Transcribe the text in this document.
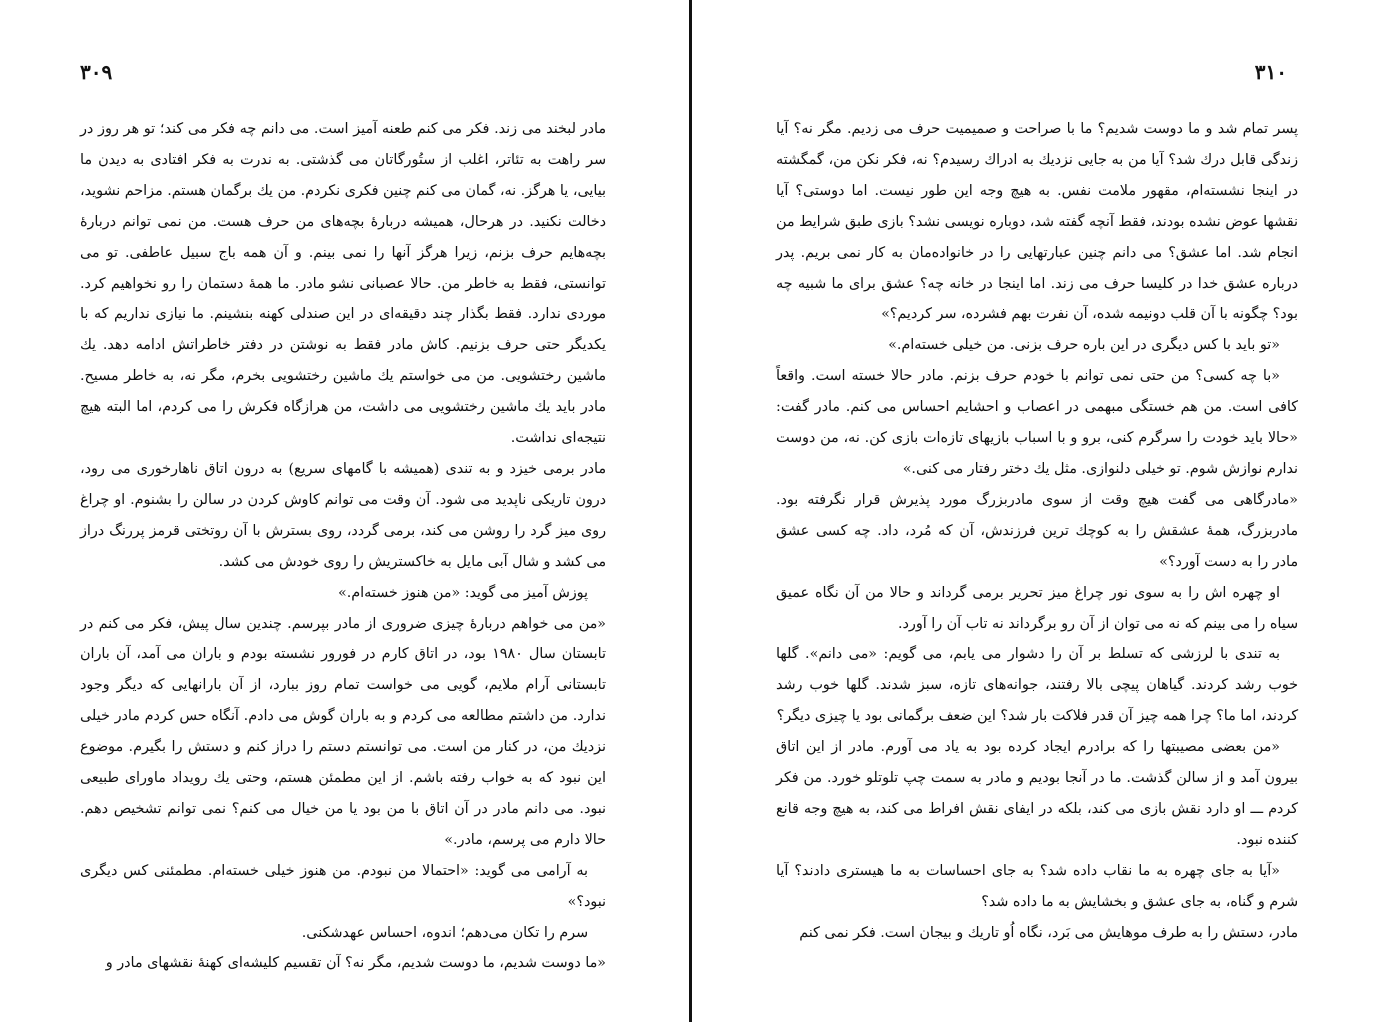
۳۰۹

مادر لبخند می زند. فکر می کنم طعنه آمیز است. می دانم چه فکر می کند؛ تو هر روز در سر راهت به تئاتر، اغلب از ستُورگاتان می گذشتی. به ندرت به فکر افتادی به دیدن ما بیایی، یا هرگز. نه، گمان می کنم چنین فکری نکردم. من یك برگمان هستم. مزاحم نشوید، دخالت نکنید. در هرحال، همیشه دربارهٔ بچه‌های من حرف هست. من نمی توانم دربارهٔ بچه‌هایم حرف بزنم، زیرا هرگز آنها را نمی بینم. و آن همه باج سبیل عاطفی. تو می توانستی، فقط به خاطر من. حالا عصبانی نشو مادر. ما همهٔ دستمان را رو نخواهیم کرد. موردی ندارد. فقط بگذار چند دقیقه‌ای در این صندلی کهنه بنشینم. ما نیازی نداریم که با یکدیگر حتی حرف بزنیم. کاش مادر فقط به نوشتن در دفتر خاطراتش ادامه دهد. یك ماشین رختشویی. من می خواستم یك ماشین رختشویی بخرم، مگر نه، به خاطر مسیح. مادر باید یك ماشین رختشویی می داشت، من هرازگاه فکرش را می کردم، اما البته هیچ نتیجه‌ای نداشت.

مادر برمی خیزد و به تندی (همیشه با گامهای سریع) به درون اتاق ناهارخوری می رود، درون تاریکی ناپدید می شود. آن وقت می توانم کاوش کردن در سالن را بشنوم. او چراغ روی میز گرد را روشن می کند، برمی گردد، روی بسترش با آن روتختی قرمز پررنگ دراز می کشد و شال آبی مایل به خاکستریش را روی خودش می کشد.

پوزش آمیز می گوید: «من هنوز خسته‌ام.»

«من می خواهم دربارهٔ چیزی ضروری از مادر بپرسم. چندین سال پیش، فکر می کنم در تابستان سال ۱۹۸۰ بود، در اتاق کارم در فورور نشسته بودم و باران می آمد، آن باران تابستانی آرام ملایم، گویی می خواست تمام روز ببارد، از آن بارانهایی که دیگر وجود ندارد. من داشتم مطالعه می کردم و به باران گوش می دادم. آنگاه حس کردم مادر خیلی نزدیك من، در کنار من است. می توانستم دستم را دراز کنم و دستش را بگیرم. موضوع این نبود که به خواب رفته باشم. از این مطمئن هستم، وحتی یك رویداد ماورای طبیعی نبود. می دانم مادر در آن اتاق با من بود یا من خیال می کنم؟ نمی توانم تشخیص دهم. حالا دارم می پرسم، مادر.»

به آرامی می گوید: «احتمالا من نبودم. من هنوز خیلی خسته‌ام. مطمئنی کس دیگری نبود؟»

سرم را تکان می‌دهم؛ اندوه، احساس عهدشکنی.

«ما دوست شدیم، ما دوست شدیم، مگر نه؟ آن تقسیم کلیشه‌ای کهنهٔ نقشهای مادر و

۳۱۰

پسر تمام شد و ما دوست شدیم؟ ما با صراحت و صمیمیت حرف می زدیم. مگر نه؟ آیا زندگی قابل درك شد؟ آیا من به جایی نزدیك به ادراك رسیدم؟ نه، فکر نکن من، گمگشته در اینجا نشسته‌ام، مقهور ملامت نفس. به هیچ وجه این طور نیست. اما دوستی؟ آیا نقشها عوض نشده بودند، فقط آنچه گفته شد، دوباره نویسی نشد؟ بازی طبق شرایط من انجام شد. اما عشق؟ می دانم چنین عبارتهایی را در خانواده‌مان به کار نمی بریم. پدر درباره عشق خدا در کلیسا حرف می زند. اما اینجا در خانه چه؟ عشق برای ما شبیه چه بود؟ چگونه با آن قلب دونیمه شده، آن نفرت بهم فشرده، سر کردیم؟»

«تو باید با کس دیگری در این باره حرف بزنی. من خیلی خسته‌ام.»

«با چه کسی؟ من حتی نمی توانم با خودم حرف بزنم. مادر حالا خسته است. واقعاً کافی است. من هم خستگی مبهمی در اعصاب و احشایم احساس می کنم. مادر گفت: «حالا باید خودت را سرگرم کنی، برو و با اسباب بازیهای تازه‌ات بازی کن. نه، من دوست ندارم نوازش شوم. تو خیلی دلنوازی. مثل یك دختر رفتار می کنی.»

«مادرگاهی می گفت هیچ وقت از سوی مادربزرگ مورد پذیرش قرار نگرفته بود. مادربزرگ، همهٔ عشقش را به کوچك ترین فرزندش، آن که مُرد، داد. چه کسی عشق مادر را به دست آورد؟»

او چهره اش را به سوی نور چراغ میز تحریر برمی گرداند و حالا من آن نگاه عمیق سیاه را می بینم که نه می توان از آن رو برگرداند نه تاب آن را آورد.

به تندی با لرزشی که تسلط بر آن را دشوار می یابم، می گویم: «می دانم». گلها خوب رشد کردند. گیاهان پیچی بالا رفتند، جوانه‌های تازه، سبز شدند. گلها خوب رشد کردند، اما ما؟ چرا همه چیز آن قدر فلاکت بار شد؟ این ضعف برگمانی بود یا چیزی دیگر؟

«من بعضی مصیبتها را که برادرم ایجاد کرده بود به یاد می آورم. مادر از این اتاق بیرون آمد و از سالن گذشت. ما در آنجا بودیم و مادر به سمت چپ تلوتلو خورد. من فکر کردم ـــ او دارد نقش بازی می کند، بلکه در ایفای نقش افراط می کند، به هیچ وجه قانع کننده نبود.

«آیا به جای چهره به ما نقاب داده شد؟ به جای احساسات به ما هیستری دادند؟ آیا شرم و گناه، به جای عشق و بخشایش به ما داده شد؟

مادر، دستش را به طرف موهایش می بَرد، نگاه اُو تاریك و بیجان است. فکر نمی کنم
